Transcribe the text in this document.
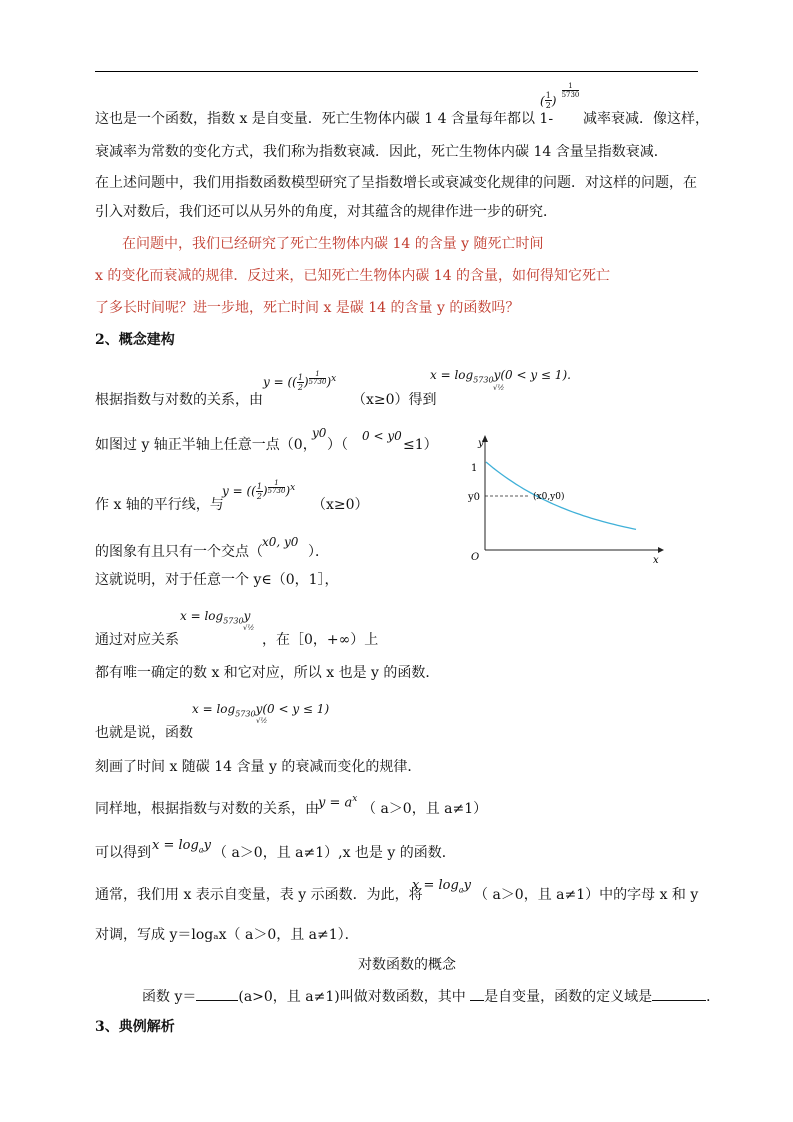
这也是一个函数，指数 x 是自变量．死亡生物体内碳 1 4 含量每年都以 1-
( $\frac{1}{2}$ )
$\frac{1}{5730}$
减率衰减．像这样，
衰减率为常数的变化方式，我们称为指数衰减．因此，死亡生物体内碳 14 含量呈指数衰减．
在上述问题中，我们用指数函数模型研究了呈指数增长或衰减变化规律的问题．对这样的问题，在
引入对数后，我们还可以从另外的角度，对其蕴含的规律作进一步的研究．
在问题中，我们已经研究了死亡生物体内碳 14 的含量 y 随死亡时间
x 的变化而衰减的规律．反过来，已知死亡生物体内碳 14 的含量，如何得知它死亡
了多长时间呢？进一步地，死亡时间 x 是碳 14 的含量 y 的函数吗？
2、概念建构
y = (( $\frac{1}{2}$ ) $^{\frac{1}{5730}}$ )$^x$	$x = \log_{5730}y(0 < y \le 1)$.
√½
根据指数与对数的关系，由	（x≥0）得到
如图过 y 轴正半轴上任意一点（0，
y0
）（
0 < y0
≤1）
作 x 轴的平行线，与
y = (( $\frac{1}{2}$ ) $^{\frac{1}{5730}}$ )$^x$
（x≥0）
的图象有且只有一个交点（
x0, y0
）．
这就说明，对于任意一个 y∈（0，1］，
$x = \log_{5730}y$
√½
通过对应关系	，在［0，+∞）上
都有唯一确定的数 x 和它对应，所以 x 也是 y 的函数．
$x = \log_{5730}y(0 < y \le 1)$
√½
也就是说，函数
刻画了时间 x 随碳 14 含量 y 的衰减而变化的规律．
同样地，根据指数与对数的关系，由 $y = a^x$
（ a＞0，且 a≠1）
可以得到 $x = \log_ay$ （ a＞0，且 a≠1）,x 也是 y 的函数．
通常，我们用 x 表示自变量，表 y 示函数．为此，将
$x = \log_ay$
（ a＞0，且 a≠1）中的字母 x 和 y
对调，写成 y＝logₐx（ a＞0，且 a≠1）．
对数函数的概念
函数 y＝	(a>0，且 a≠1)叫做对数函数，其中 是自变量，函数的定义域是	．
3、典例解析
y
x
O
1
y0	(x0,y0)
